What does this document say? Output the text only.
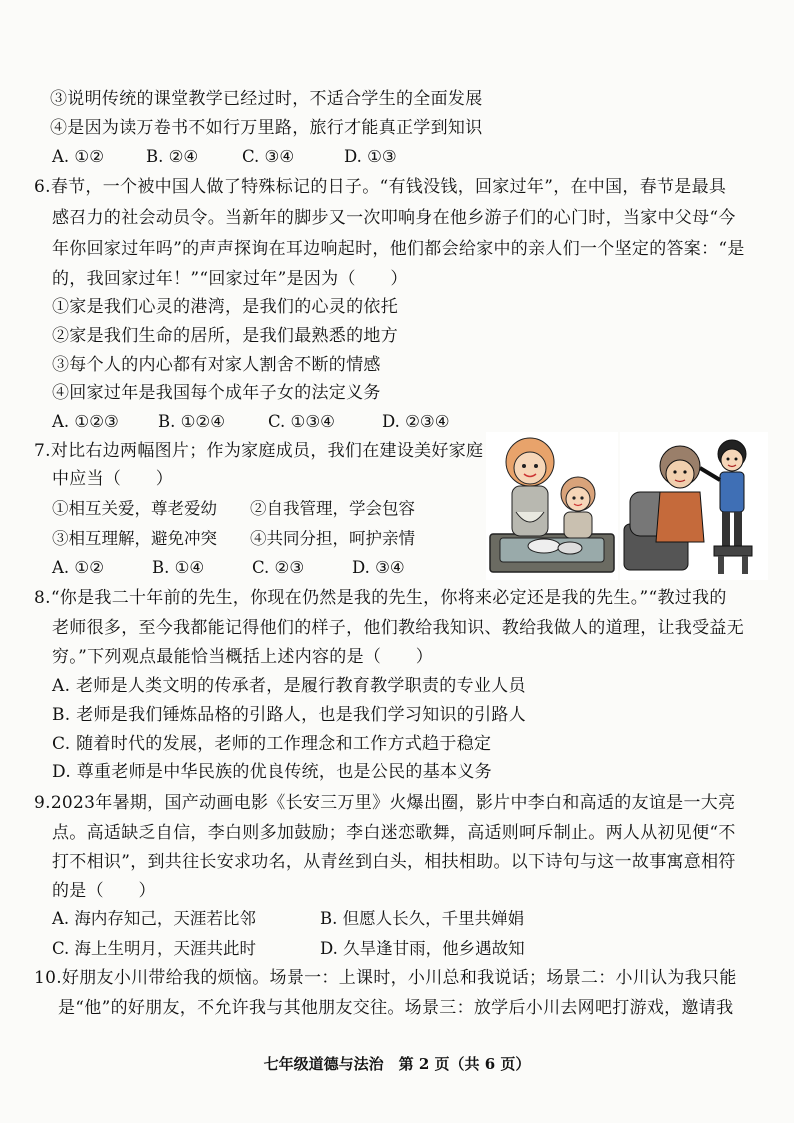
③说明传统的课堂教学已经过时，不适合学生的全面发展
④是因为读万卷书不如行万里路，旅行才能真正学到知识
A. ①②	B. ②④	C. ③④	D. ①③
6.春节，一个被中国人做了特殊标记的日子。“有钱没钱，回家过年”，在中国，春节是最具
感召力的社会动员令。当新年的脚步又一次叩响身在他乡游子们的心门时，当家中父母“今
年你回家过年吗”的声声探询在耳边响起时，他们都会给家中的亲人们一个坚定的答案：“是
的，我回家过年！”“回家过年”是因为（　　）
①家是我们心灵的港湾，是我们的心灵的依托
②家是我们生命的居所，是我们最熟悉的地方
③每个人的内心都有对家人割舍不断的情感
④回家过年是我国每个成年子女的法定义务
A. ①②③ B. ①②④	C. ①③④	D. ②③④
7.对比右边两幅图片；作为家庭成员，我们在建设美好家庭
中应当（　　）
①相互关爱，尊老爱幼 ②自我管理，学会包容
③相互理解，避免冲突 ④共同分担，呵护亲情
A. ①②	B. ①④	C. ②③	D. ③④
8.“你是我二十年前的先生，你现在仍然是我的先生，你将来必定还是我的先生。”“教过我的
老师很多，至今我都能记得他们的样子，他们教给我知识、教给我做人的道理，让我受益无
穷。”下列观点最能恰当概括上述内容的是（　　）
A. 老师是人类文明的传承者，是履行教育教学职责的专业人员
B. 老师是我们锤炼品格的引路人，也是我们学习知识的引路人
C. 随着时代的发展，老师的工作理念和工作方式趋于稳定
D. 尊重老师是中华民族的优良传统，也是公民的基本义务
9.2023年暑期，国产动画电影《长安三万里》火爆出圈，影片中李白和高适的友谊是一大亮
点。高适缺乏自信，李白则多加鼓励；李白迷恋歌舞，高适则呵斥制止。两人从初见便“不
打不相识”，到共往长安求功名，从青丝到白头，相扶相助。以下诗句与这一故事寓意相符
的是（　　）
A. 海内存知己，天涯若比邻	B. 但愿人长久，千里共婵娟
C. 海上生明月，天涯共此时	D. 久旱逢甘雨，他乡遇故知
10.好朋友小川带给我的烦恼。场景一：上课时，小川总和我说话；场景二：小川认为我只能
是“他”的好朋友，不允许我与其他朋友交往。场景三：放学后小川去网吧打游戏，邀请我
七年级道德与法治　第 2 页（共 6 页）
